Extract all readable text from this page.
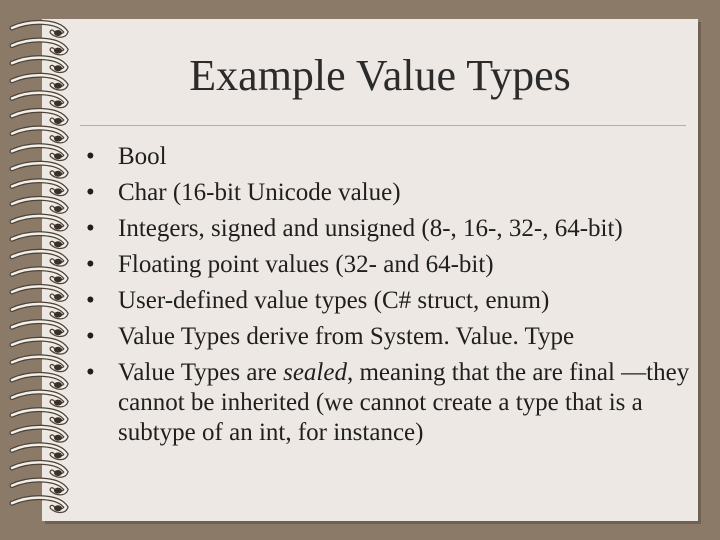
Example Value Types
• Bool
• Char (16-bit Unicode value)
• Integers, signed and unsigned (8-, 16-, 32-, 64-bit)
• Floating point values (32- and 64-bit)
• User-defined value types (C# struct, enum)
• Value Types derive from System. Value. Type
• Value Types are sealed, meaning that the are final —they cannot be inherited (we cannot create a type that is a subtype of an int, for instance)
